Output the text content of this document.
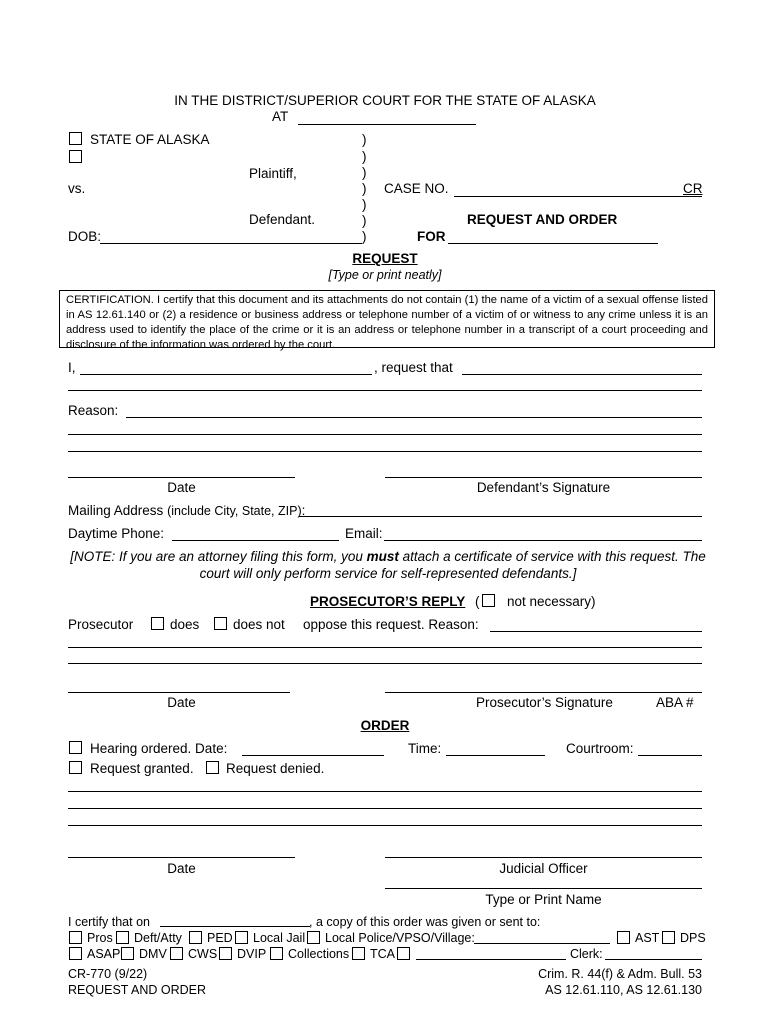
IN THE DISTRICT/SUPERIOR COURT FOR THE STATE OF ALASKA
AT
STATE OF ALASKA
Plaintiff,
vs.
Defendant.
DOB:
)
)
)
)
)
)
)
CASE NO.	CR
REQUEST AND ORDER
FOR
REQUEST
[Type or print neatly]
CERTIFICATION. I certify that this document and its attachments do not contain (1) the name of a victim of a sexual offense listed in AS 12.61.140 or (2) a residence or business address or telephone number of a victim of or witness to any crime unless it is an address used to identify the place of the crime or it is an address or telephone number in a transcript of a court proceeding and disclosure of the information was ordered by the court.
I,	, request that
Reason:
Date	Defendant’s Signature
Mailing Address (include City, State, ZIP):
Daytime Phone:	Email:
[NOTE: If you are an attorney filing this form, you must attach a certificate of service with this request. The court will only perform service for self-represented defendants.]
PROSECUTOR’S REPLY ( not necessary)
Prosecutor	does does not oppose this request. Reason:
Date	Prosecutor’s Signature	ABA #
ORDER
Hearing ordered. Date:	Time:	Courtroom:
Request granted. Request denied.
Date	Judicial Officer
Type or Print Name
I certify that on	, a copy of this order was given or sent to:
Pros Deft/Atty PED Local Jail Local Police/VPSO/Village:	AST DPS
ASAP DMV CWS DVIP Collections TCA	Clerk:
CR-770 (9/22)
REQUEST AND ORDER
Crim. R. 44(f) & Adm. Bull. 53
AS 12.61.110, AS 12.61.130
